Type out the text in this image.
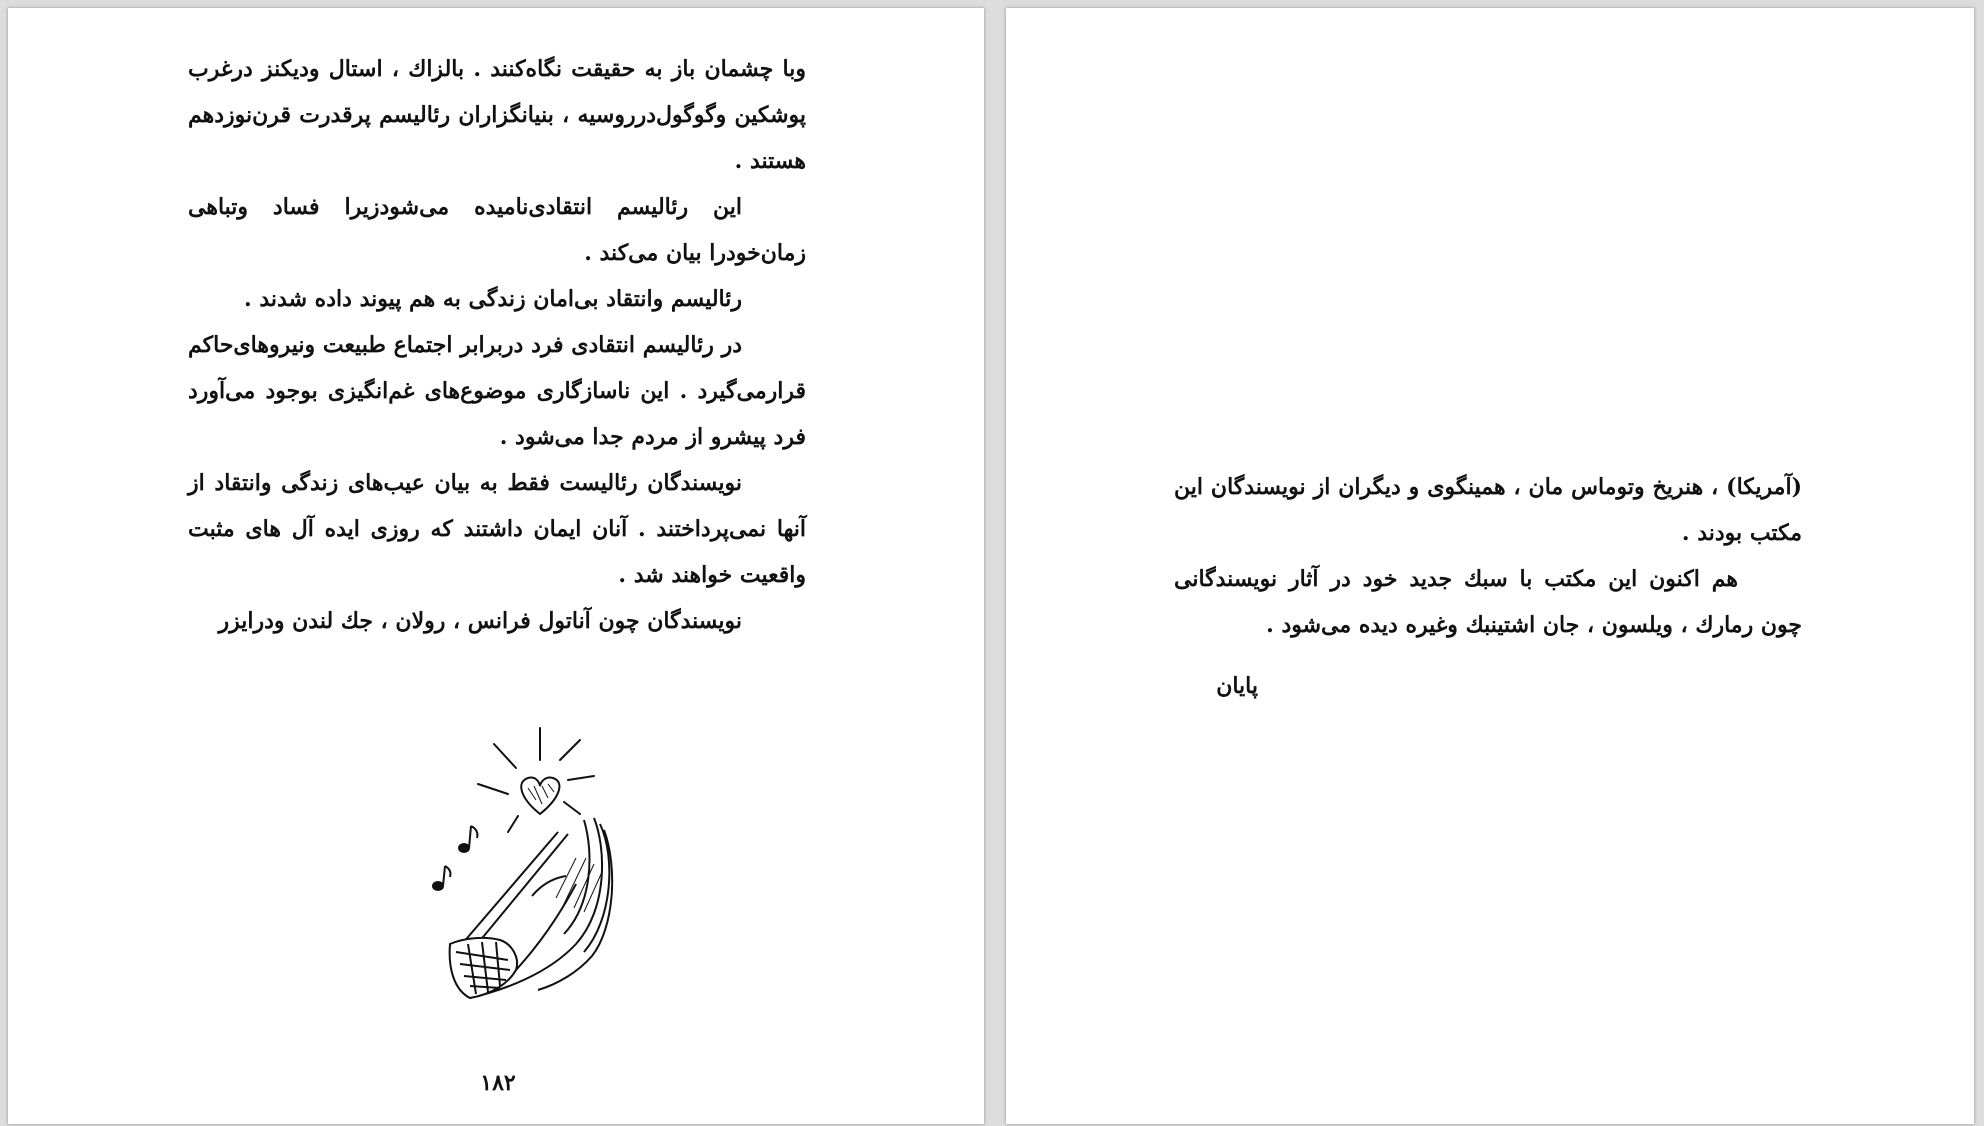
وبا چشمان باز به حقیقت نگاه‌کنند . بالزاك ، استال ودیکنز درغرب پوشکین وگوگول‌درروسیه ، بنیانگزاران رئالیسم پرقدرت قرن‌نوزدهم هستند .

این رئالیسم انتقادی‌نامیده می‌شودزیرا فساد وتباهی زمان‌خودرا بیان می‌کند .

رئالیسم وانتقاد بی‌امان زندگی به هم پیوند داده شدند .

در رئالیسم انتقادی فرد دربرابر اجتماع طبیعت ونیروهای‌حاکم قرارمی‌گیرد . این ناسازگاری موضوع‌های غم‌انگیزی بوجود می‌آورد فرد پیشرو از مردم جدا می‌شود .

نویسندگان رئالیست فقط به بیان عیب‌های زندگی وانتقاد از آنها نمی‌پرداختند . آنان ایمان داشتند که روزی ایده آل های مثبت واقعیت خواهند شد .

نویسندگان چون آناتول فرانس ، رولان ، جك لندن ودرایزر

۱۸۲

(آمریکا) ، هنریخ وتوماس مان ، همینگوی و دیگران از نویسندگان این مکتب بودند .

هم اکنون این مکتب با سبك جدید خود در آثار نویسندگانی چون رمارك ، ویلسون ، جان اشتینبك وغیره دیده می‌شود .

پایان
